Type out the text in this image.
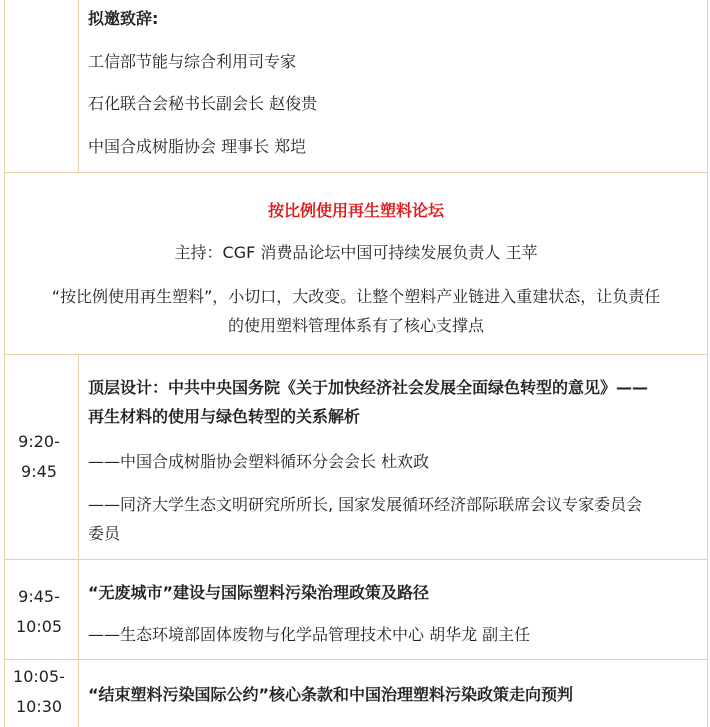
拟邀致辞:
工信部节能与综合利用司专家
石化联合会秘书长副会长 赵俊贵
中国合成树脂协会 理事长 郑垲
按比例使用再生塑料论坛
主持：CGF 消费品论坛中国可持续发展负责人 王苹
“按比例使用再生塑料”，小切口，大改变。让整个塑料产业链进入重建状态，让负责任
的使用塑料管理体系有了核心支撑点
9:20-
9:45
顶层设计：中共中央国务院《关于加快经济社会发展全面绿色转型的意见》——
再生材料的使用与绿色转型的关系解析
——中国合成树脂协会塑料循环分会会长 杜欢政
——同济大学生态文明研究所所长, 国家发展循环经济部际联席会议专家委员会
委员
9:45-
10:05
“无废城市”建设与国际塑料污染治理政策及路径
——生态环境部固体废物与化学品管理技术中心 胡华龙 副主任
10:05-
10:30
“结束塑料污染国际公约”核心条款和中国治理塑料污染政策走向预判
